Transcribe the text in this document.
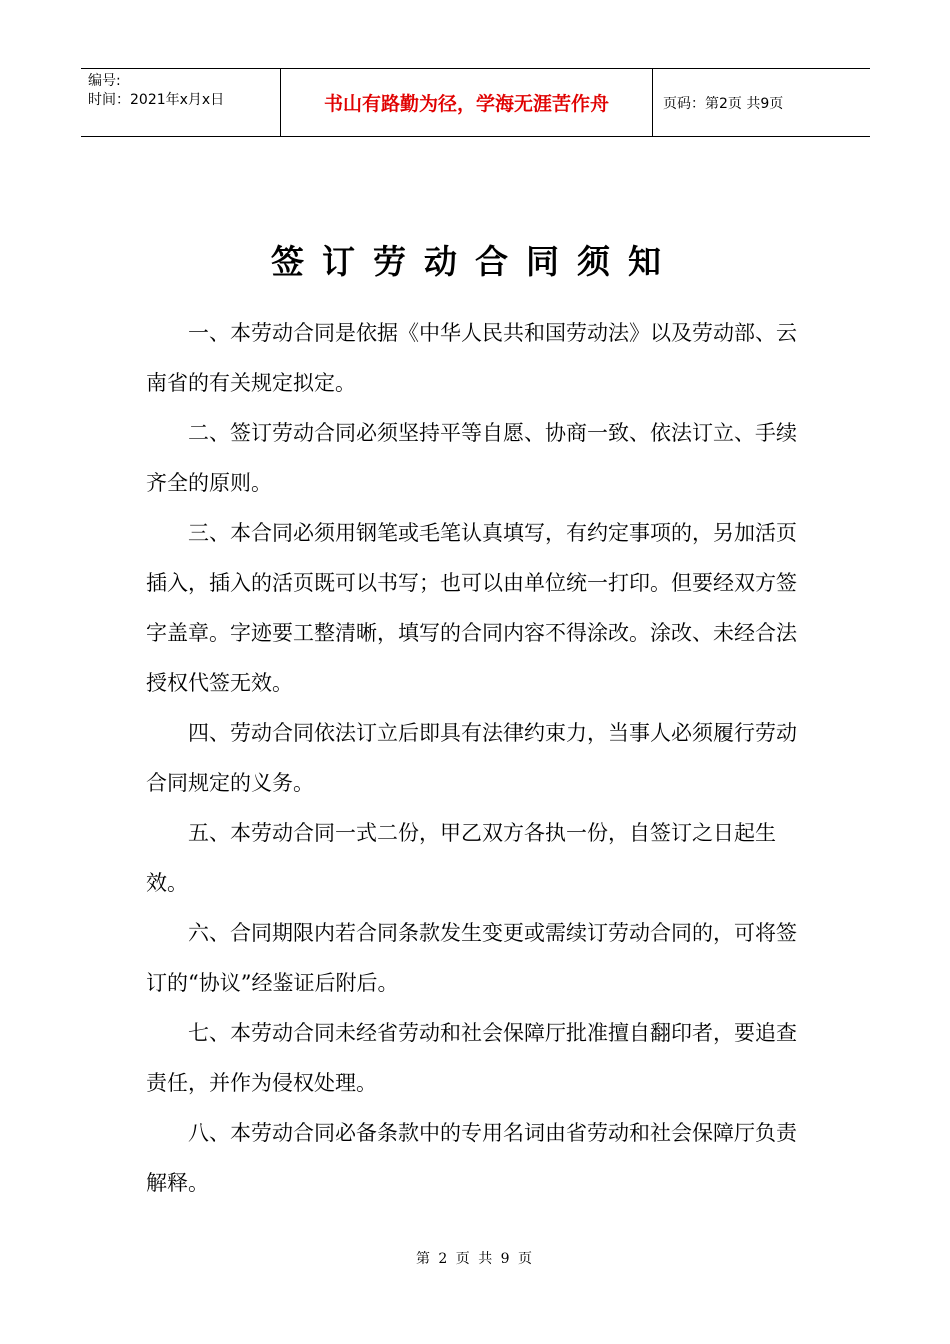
编号:
时间：2021年x月x日	书山有路勤为径，学海无涯苦作舟	页码：第2页 共9页
签订劳动合同须知

一、本劳动合同是依据《中华人民共和国劳动法》以及劳动部、云南省的有关规定拟定。

二、签订劳动合同必须坚持平等自愿、协商一致、依法订立、手续齐全的原则。

三、本合同必须用钢笔或毛笔认真填写，有约定事项的，另加活页插入，插入的活页既可以书写；也可以由单位统一打印。但要经双方签字盖章。字迹要工整清晰，填写的合同内容不得涂改。涂改、未经合法授权代签无效。

四、劳动合同依法订立后即具有法律约束力，当事人必须履行劳动合同规定的义务。

五、本劳动合同一式二份，甲乙双方各执一份，自签订之日起生效。

六、合同期限内若合同条款发生变更或需续订劳动合同的，可将签订的“协议”经鉴证后附后。

七、本劳动合同未经省劳动和社会保障厅批准擅自翻印者，要追查责任，并作为侵权处理。

八、本劳动合同必备条款中的专用名词由省劳动和社会保障厅负责解释。

第 2 页 共 9 页
